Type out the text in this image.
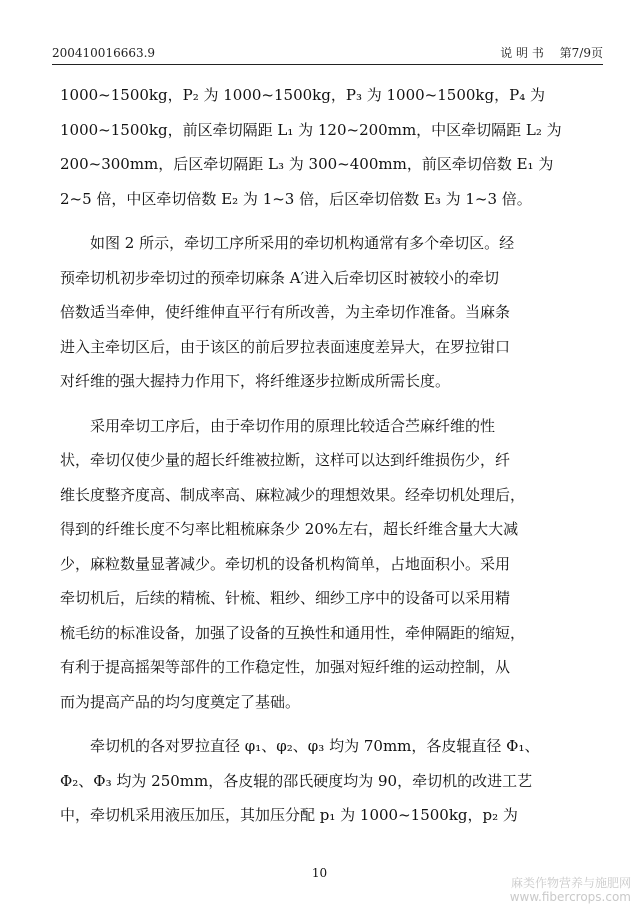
200410016663.9	说 明 书 第7/9页
1000~1500kg，P₂ 为 1000~1500kg，P₃ 为 1000~1500kg，P₄ 为
1000~1500kg，前区牵切隔距 L₁ 为 120~200mm，中区牵切隔距 L₂ 为
200~300mm，后区牵切隔距 L₃ 为 300~400mm，前区牵切倍数 E₁ 为
2~5 倍，中区牵切倍数 E₂ 为 1~3 倍，后区牵切倍数 E₃ 为 1~3 倍。
如图 2 所示，牵切工序所采用的牵切机构通常有多个牵切区。经
预牵切机初步牵切过的预牵切麻条 A′进入后牵切区时被较小的牵切
倍数适当牵伸，使纤维伸直平行有所改善，为主牵切作准备。当麻条
进入主牵切区后，由于该区的前后罗拉表面速度差异大，在罗拉钳口
对纤维的强大握持力作用下，将纤维逐步拉断成所需长度。
采用牵切工序后，由于牵切作用的原理比较适合苎麻纤维的性
状，牵切仅使少量的超长纤维被拉断，这样可以达到纤维损伤少，纤
维长度整齐度高、制成率高、麻粒减少的理想效果。经牵切机处理后，
得到的纤维长度不匀率比粗梳麻条少 20%左右，超长纤维含量大大减
少，麻粒数量显著减少。牵切机的设备机构简单，占地面积小。采用
牵切机后，后续的精梳、针梳、粗纱、细纱工序中的设备可以采用精
梳毛纺的标准设备，加强了设备的互换性和通用性，牵伸隔距的缩短，
有利于提高摇架等部件的工作稳定性，加强对短纤维的运动控制，从
而为提高产品的均匀度奠定了基础。
牵切机的各对罗拉直径 φ₁、φ₂、φ₃ 均为 70mm，各皮辊直径 Φ₁、
Φ₂、Φ₃ 均为 250mm，各皮辊的邵氏硬度均为 90，牵切机的改进工艺
中，牵切机采用液压加压，其加压分配 p₁ 为 1000~1500kg，p₂ 为
10
麻类作物营养与施肥网
www.fibercrops.com
